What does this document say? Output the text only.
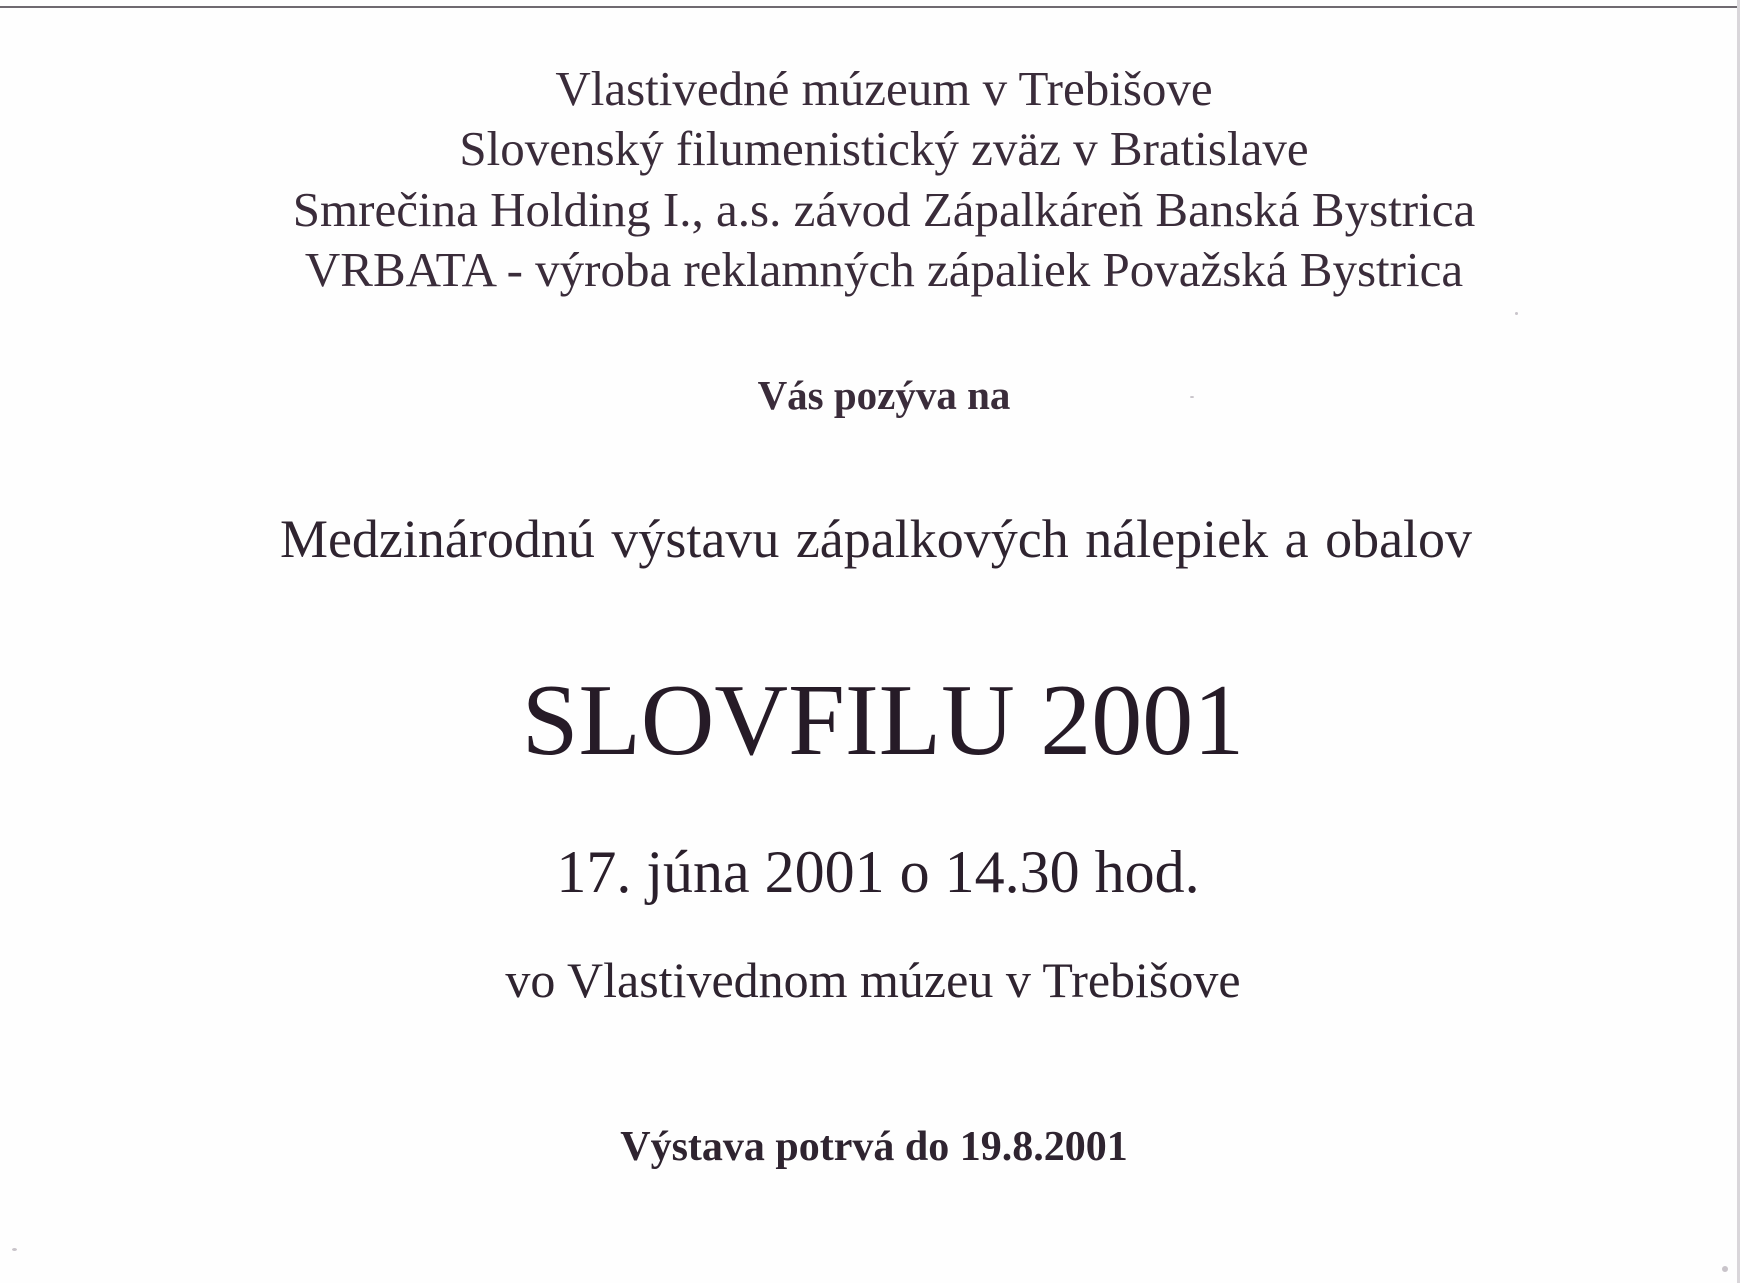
Vlastivedné múzeum v Trebišove
Slovenský filumenistický zväz v Bratislave
Smrečina Holding I., a.s. závod Zápalkáreň Banská Bystrica
VRBATA - výroba reklamných zápaliek Považská Bystrica
Vás pozýva na
Medzinárodnú výstavu zápalkových nálepiek a obalov
SLOVFILU 2001
17. júna 2001 o 14.30 hod.
vo Vlastivednom múzeu v Trebišove
Výstava potrvá do 19.8.2001
